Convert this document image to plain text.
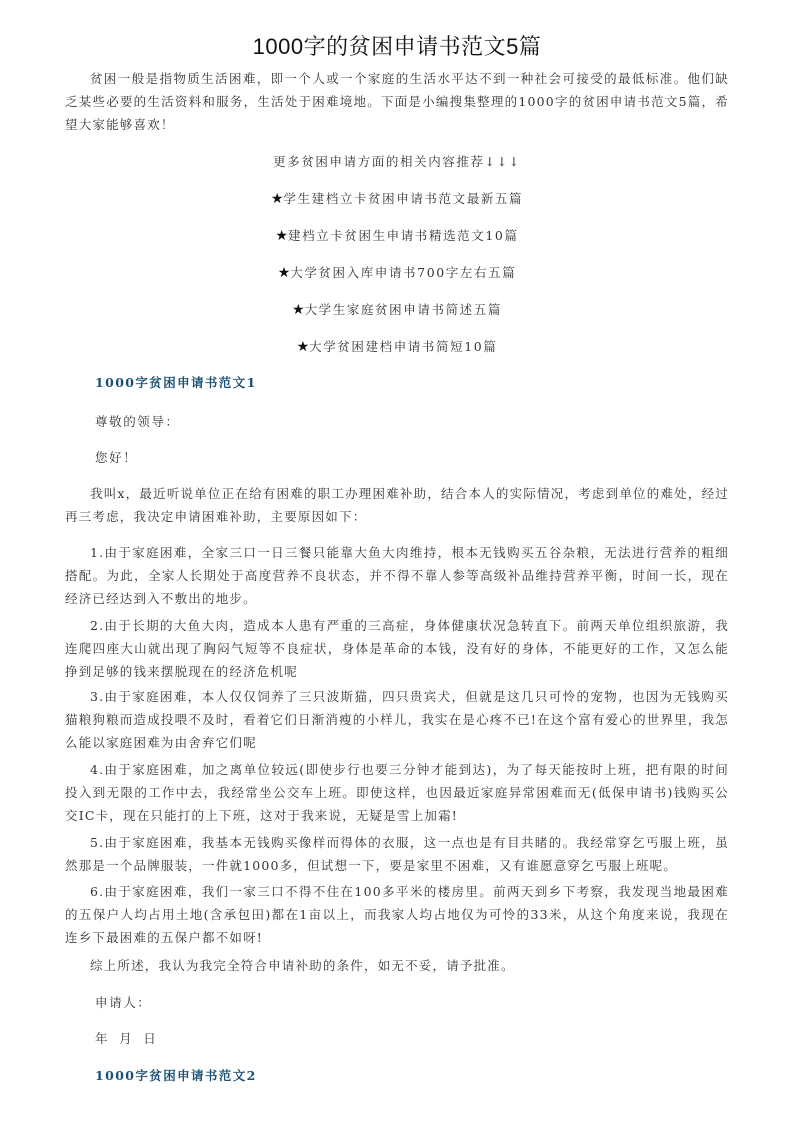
1000字的贫困申请书范文5篇
贫困一般是指物质生活困难，即一个人或一个家庭的生活水平达不到一种社会可接受的最低标准。他们缺乏某些必要的生活资料和服务，生活处于困难境地。下面是小编搜集整理的1000字的贫困申请书范文5篇，希望大家能够喜欢！
更多贫困申请方面的相关内容推荐↓↓↓
★学生建档立卡贫困申请书范文最新五篇
★建档立卡贫困生申请书精选范文10篇
★大学贫困入库申请书700字左右五篇
★大学生家庭贫困申请书简述五篇
★大学贫困建档申请书简短10篇
1000字贫困申请书范文1
尊敬的领导：
您好！
我叫x，最近听说单位正在给有困难的职工办理困难补助，结合本人的实际情况，考虑到单位的难处，经过再三考虑，我决定申请困难补助，主要原因如下：
1.由于家庭困难，全家三口一日三餐只能靠大鱼大肉维持，根本无钱购买五谷杂粮，无法进行营养的粗细搭配。为此，全家人长期处于高度营养不良状态，并不得不靠人参等高级补品维持营养平衡，时间一长，现在经济已经达到入不敷出的地步。
2.由于长期的大鱼大肉，造成本人患有严重的三高症，身体健康状况急转直下。前两天单位组织旅游，我连爬四座大山就出现了胸闷气短等不良症状，身体是革命的本钱，没有好的身体，不能更好的工作，又怎么能挣到足够的钱来摆脱现在的经济危机呢
3.由于家庭困难，本人仅仅饲养了三只波斯猫，四只贵宾犬，但就是这几只可怜的宠物，也因为无钱购买猫粮狗粮而造成投喂不及时，看着它们日渐消瘦的小样儿，我实在是心疼不已!在这个富有爱心的世界里，我怎么能以家庭困难为由舍弃它们呢
4.由于家庭困难，加之离单位较远(即使步行也要三分钟才能到达)，为了每天能按时上班，把有限的时间投入到无限的工作中去，我经常坐公交车上班。即使这样，也因最近家庭异常困难而无(低保申请书)钱购买公交IC卡，现在只能打的上下班，这对于我来说，无疑是雪上加霜!
5.由于家庭困难，我基本无钱购买像样而得体的衣服，这一点也是有目共睹的。我经常穿乞丐服上班，虽然那是一个品牌服装，一件就1000多，但试想一下，要是家里不困难，又有谁愿意穿乞丐服上班呢。
6.由于家庭困难，我们一家三口不得不住在100多平米的楼房里。前两天到乡下考察，我发现当地最困难的五保户人均占用土地(含承包田)都在1亩以上，而我家人均占地仅为可怜的33米，从这个角度来说，我现在连乡下最困难的五保户都不如呀!
综上所述，我认为我完全符合申请补助的条件，如无不妥，请予批准。
申请人：
年 月 日
1000字贫困申请书范文2
